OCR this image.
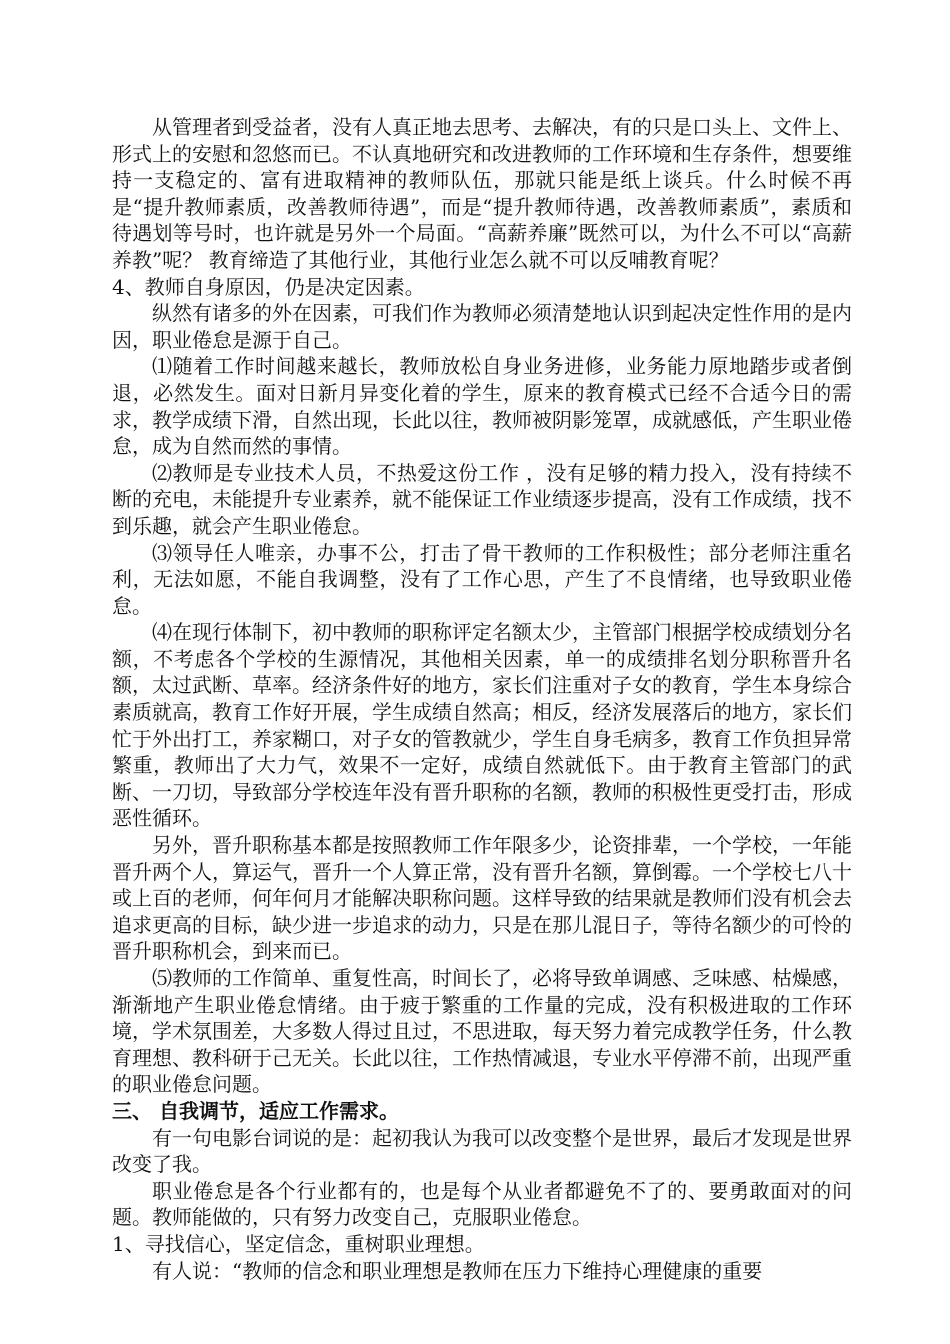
从管理者到受益者，没有人真正地去思考、去解决，有的只是口头上、文件上、形式上的安慰和忽悠而已。不认真地研究和改进教师的工作环境和生存条件，想要维持一支稳定的、富有进取精神的教师队伍，那就只能是纸上谈兵。什么时候不再是“提升教师素质，改善教师待遇”，而是“提升教师待遇，改善教师素质”，素质和待遇划等号时，也许就是另外一个局面。“高薪养廉”既然可以，为什么不可以“高薪养教”呢？ 教育缔造了其他行业，其他行业怎么就不可以反哺教育呢？

4、教师自身原因，仍是决定因素。

纵然有诸多的外在因素，可我们作为教师必须清楚地认识到起决定性作用的是内因，职业倦怠是源于自己。

⑴随着工作时间越来越长，教师放松自身业务进修，业务能力原地踏步或者倒退，必然发生。面对日新月异变化着的学生，原来的教育模式已经不合适今日的需求，教学成绩下滑，自然出现，长此以往，教师被阴影笼罩，成就感低，产生职业倦怠，成为自然而然的事情。

⑵教师是专业技术人员，不热爱这份工作 ，没有足够的精力投入，没有持续不断的充电，未能提升专业素养，就不能保证工作业绩逐步提高，没有工作成绩，找不到乐趣，就会产生职业倦怠。

⑶领导任人唯亲，办事不公，打击了骨干教师的工作积极性；部分老师注重名利，无法如愿，不能自我调整，没有了工作心思，产生了不良情绪，也导致职业倦怠。

⑷在现行体制下，初中教师的职称评定名额太少，主管部门根据学校成绩划分名额，不考虑各个学校的生源情况，其他相关因素，单一的成绩排名划分职称晋升名额，太过武断、草率。经济条件好的地方，家长们注重对子女的教育，学生本身综合素质就高，教育工作好开展，学生成绩自然高；相反，经济发展落后的地方，家长们忙于外出打工，养家糊口，对子女的管教就少，学生自身毛病多，教育工作负担异常繁重，教师出了大力气，效果不一定好，成绩自然就低下。由于教育主管部门的武断、一刀切，导致部分学校连年没有晋升职称的名额，教师的积极性更受打击，形成恶性循环。

另外，晋升职称基本都是按照教师工作年限多少，论资排辈，一个学校，一年能晋升两个人，算运气，晋升一个人算正常，没有晋升名额，算倒霉。一个学校七八十或上百的老师，何年何月才能解决职称问题。这样导致的结果就是教师们没有机会去追求更高的目标，缺少进一步追求的动力，只是在那儿混日子，等待名额少的可怜的晋升职称机会，到来而已。

⑸教师的工作简单、重复性高，时间长了，必将导致单调感、乏味感、枯燥感，渐渐地产生职业倦怠情绪。由于疲于繁重的工作量的完成，没有积极进取的工作环境，学术氛围差，大多数人得过且过，不思进取，每天努力着完成教学任务，什么教育理想、教科研于己无关。长此以往，工作热情减退，专业水平停滞不前，出现严重的职业倦怠问题。

三、 自我调节，适应工作需求。

有一句电影台词说的是：起初我认为我可以改变整个是世界，最后才发现是世界改变了我。

职业倦怠是各个行业都有的，也是每个从业者都避免不了的、要勇敢面对的问题。教师能做的，只有努力改变自己，克服职业倦怠。

1、寻找信心，坚定信念，重树职业理想。

有人说：“教师的信念和职业理想是教师在压力下维持心理健康的重要
